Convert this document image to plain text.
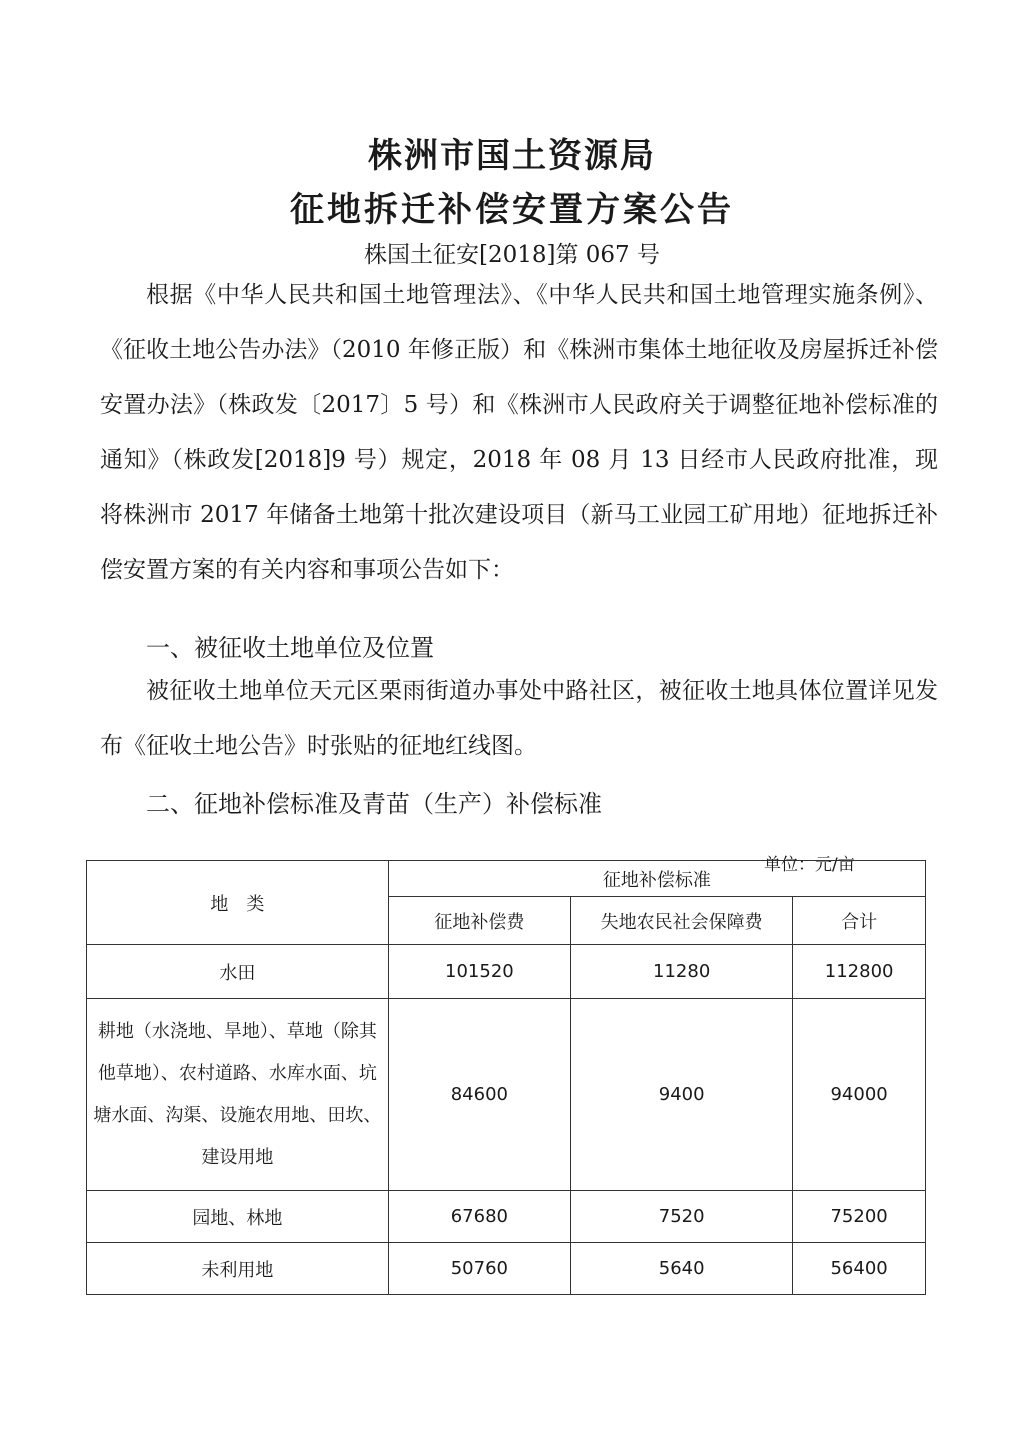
株洲市国土资源局
征地拆迁补偿安置方案公告
株国土征安[2018]第 067 号
根据《中华人民共和国土地管理法》、《中华人民共和国土地管理实施条例》、《征收土地公告办法》（2010 年修正版）和《株洲市集体土地征收及房屋拆迁补偿安置办法》（株政发〔2017〕5 号）和《株洲市人民政府关于调整征地补偿标准的通知》（株政发[2018]9 号）规定，2018 年 08 月 13 日经市人民政府批准，现将株洲市 2017 年储备土地第十批次建设项目（新马工业园工矿用地）征地拆迁补偿安置方案的有关内容和事项公告如下：
一、被征收土地单位及位置
被征收土地单位天元区栗雨街道办事处中路社区，被征收土地具体位置详见发布《征收土地公告》时张贴的征地红线图。
二、征地补偿标准及青苗（生产）补偿标准
单位：元/亩
地　类	征地补偿标准		
	征地补偿费	失地农民社会保障费	合计
水田	101520	11280	112800
耕地（水浇地、旱地）、草地（除其他草地）、农村道路、水库水面、坑塘水面、沟渠、设施农用地、田坎、建设用地	84600	9400	94000
园地、林地	67680	7520	75200
未利用地	50760	5640	56400
